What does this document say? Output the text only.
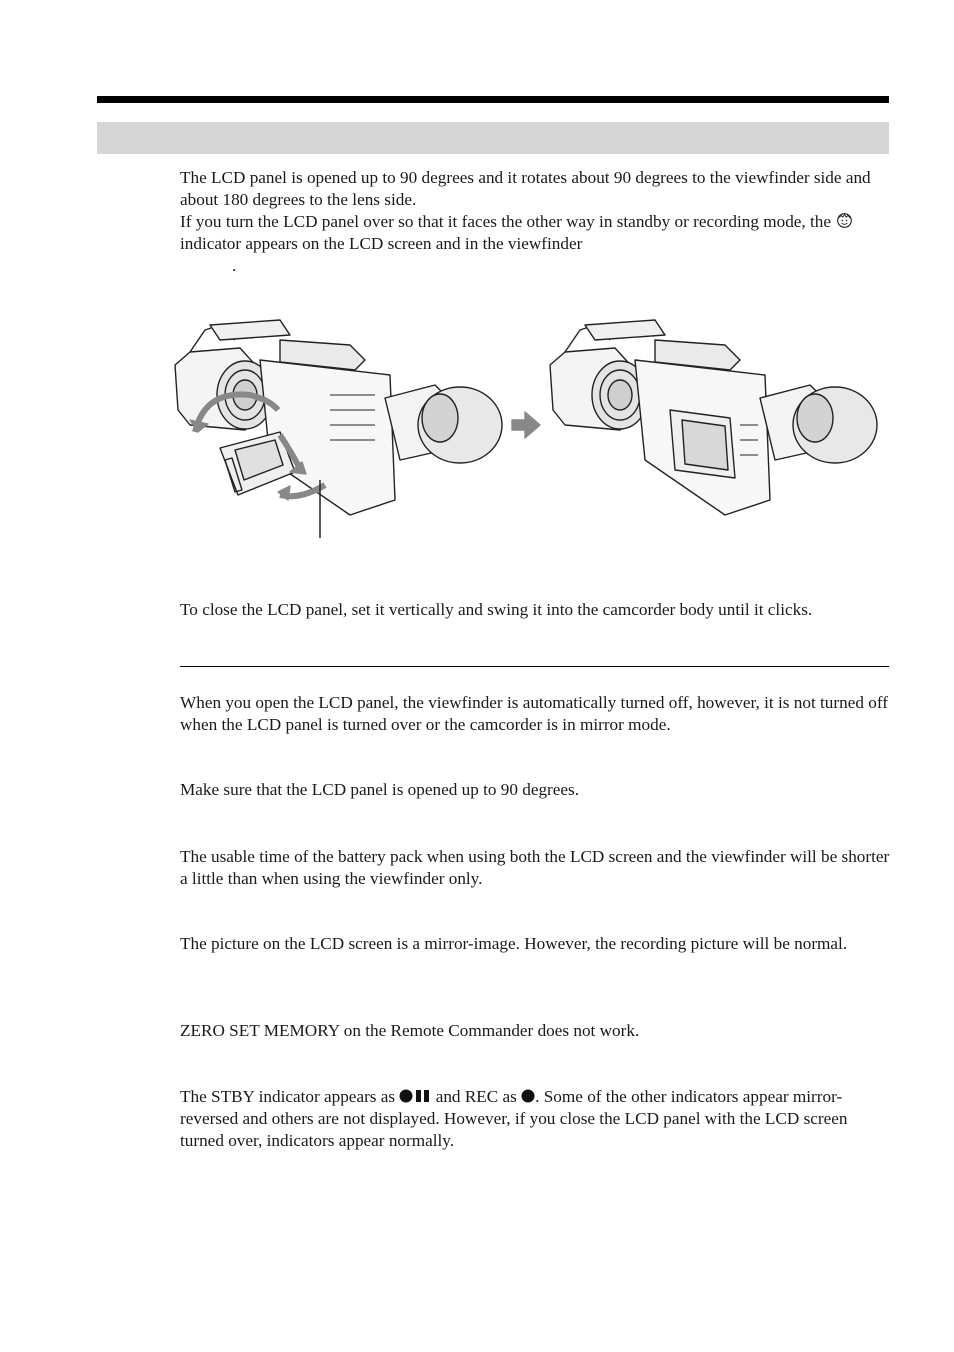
The LCD panel is opened up to 90 degrees and it rotates about 90 degrees to the viewfinder side and about 180 degrees to the lens side.

If you turn the LCD panel over so that it faces the other way in standby or recording mode, the  indicator appears on the LCD screen and in the viewfinder

.

To close the LCD panel, set it vertically and swing it into the camcorder body until it clicks.

When you open the LCD panel, the viewfinder is automatically turned off, however, it is not turned off when the LCD panel is turned over or the camcorder is in mirror mode.

Make sure that the LCD panel is opened up to 90 degrees.

The usable time of the battery pack when using both the LCD screen and the viewfinder will be shorter a little than when using the viewfinder only.

The picture on the LCD screen is a mirror-image. However, the recording picture will be normal.

ZERO SET MEMORY on the Remote Commander does not work.

The STBY indicator appears as and REC as . Some of the other indicators appear mirror-reversed and others are not displayed. However, if you close the LCD panel with the LCD screen turned over, indicators appear normally.
